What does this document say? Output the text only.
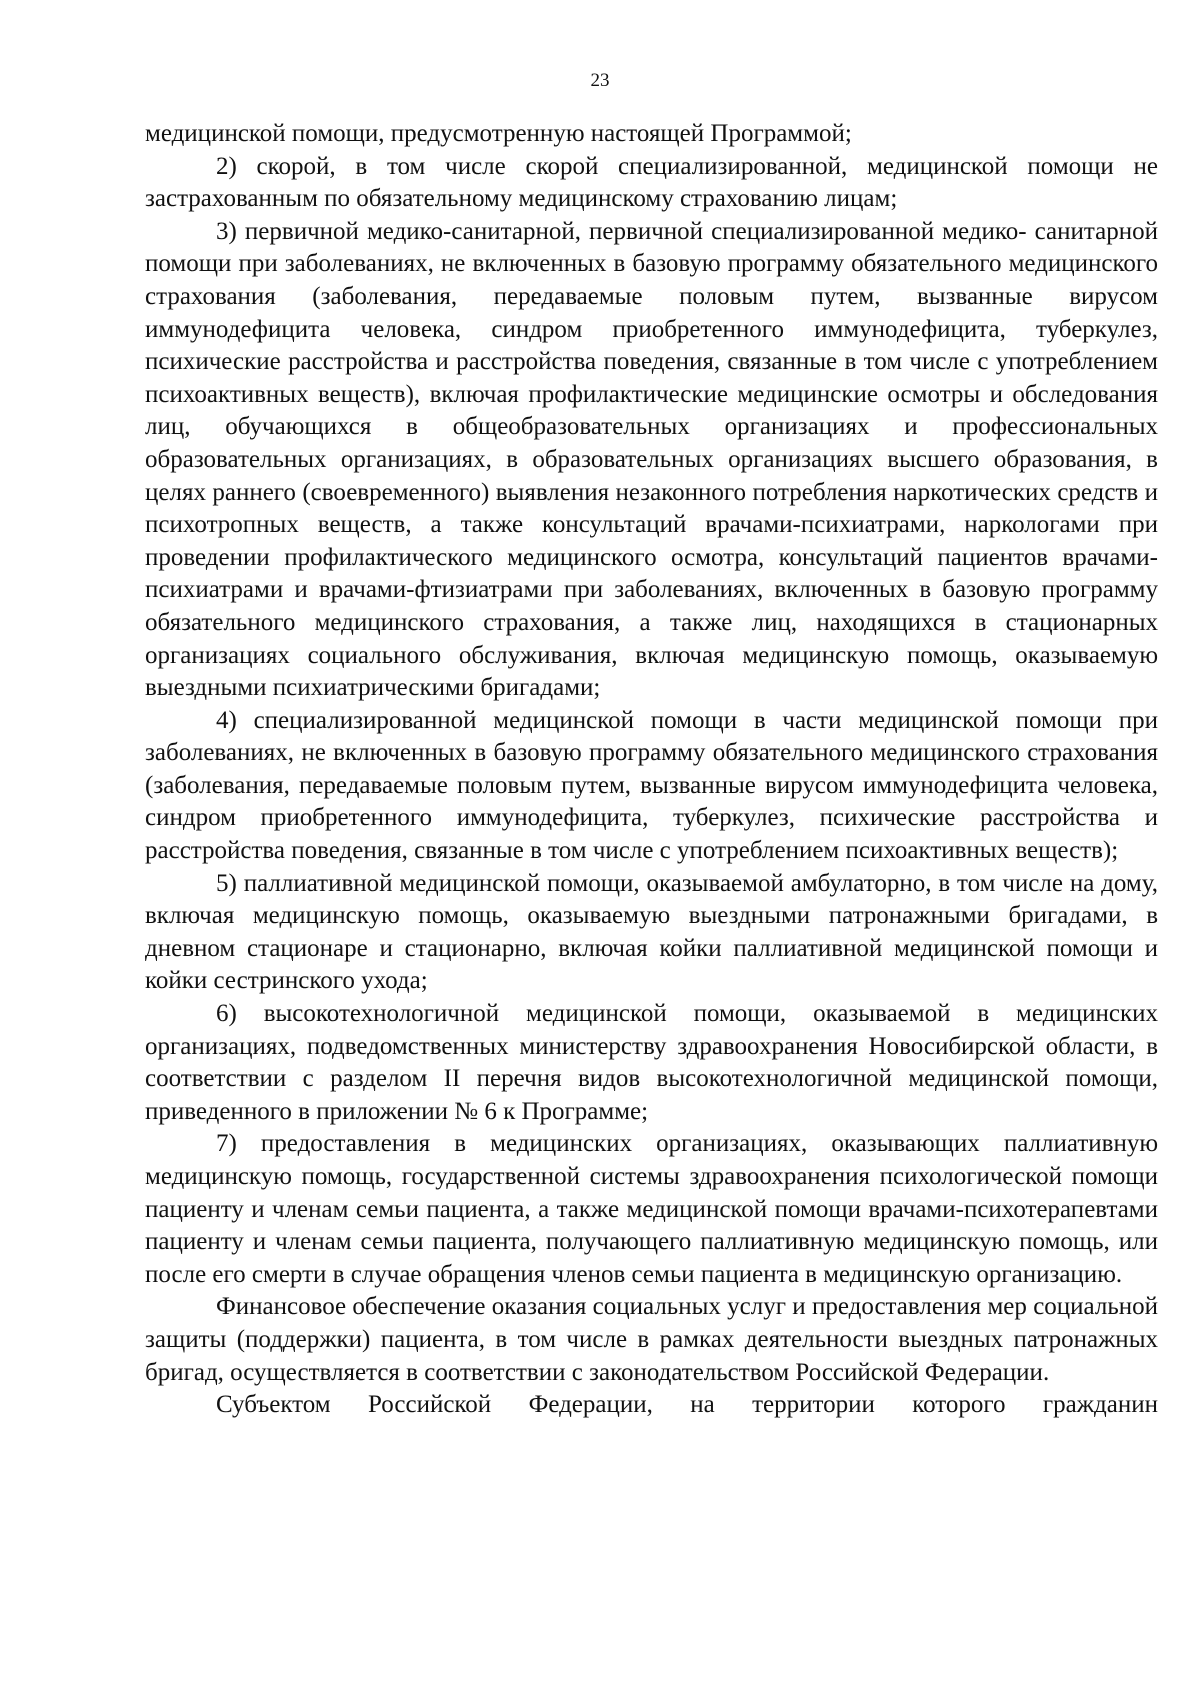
23

медицинской помощи, предусмотренную настоящей Программой;

2) скорой, в том числе скорой специализированной, медицинской помощи не застрахованным по обязательному медицинскому страхованию лицам;

3) первичной медико-санитарной, первичной специализированной медико- санитарной помощи при заболеваниях, не включенных в базовую программу обязательного медицинского страхования (заболевания, передаваемые половым путем, вызванные вирусом иммунодефицита человека, синдром приобретенного иммунодефицита, туберкулез, психические расстройства и расстройства поведения, связанные в том числе с употреблением психоактивных веществ), включая профилактические медицинские осмотры и обследования лиц, обучающихся в общеобразовательных организациях и профессиональных образовательных организациях, в образовательных организациях высшего образования, в целях раннего (своевременного) выявления незаконного потребления наркотических средств и психотропных веществ, а также консультаций врачами-психиатрами, наркологами при проведении профилактического медицинского осмотра, консультаций пациентов врачами- психиатрами и врачами-фтизиатрами при заболеваниях, включенных в базовую программу обязательного медицинского страхования, а также лиц, находящихся в стационарных организациях социального обслуживания, включая медицинскую помощь, оказываемую выездными психиатрическими бригадами;

4) специализированной медицинской помощи в части медицинской помощи при заболеваниях, не включенных в базовую программу обязательного медицинского страхования (заболевания, передаваемые половым путем, вызванные вирусом иммунодефицита человека, синдром приобретенного иммунодефицита, туберкулез, психические расстройства и расстройства поведения, связанные в том числе с употреблением психоактивных веществ);

5) паллиативной медицинской помощи, оказываемой амбулаторно, в том числе на дому, включая медицинскую помощь, оказываемую выездными патронажными бригадами, в дневном стационаре и стационарно, включая койки паллиативной медицинской помощи и койки сестринского ухода;

6) высокотехнологичной медицинской помощи, оказываемой в медицинских организациях, подведомственных министерству здравоохранения Новосибирской области, в соответствии с разделом II перечня видов высокотехнологичной медицинской помощи, приведенного в приложении № 6 к Программе;

7) предоставления в медицинских организациях, оказывающих паллиативную медицинскую помощь, государственной системы здравоохранения психологической помощи пациенту и членам семьи пациента, а также медицинской помощи врачами-психотерапевтами пациенту и членам семьи пациента, получающего паллиативную медицинскую помощь, или после его смерти в случае обращения членов семьи пациента в медицинскую организацию.

Финансовое обеспечение оказания социальных услуг и предоставления мер социальной защиты (поддержки) пациента, в том числе в рамках деятельности выездных патронажных бригад, осуществляется в соответствии с законодательством Российской Федерации.

Субъектом Российской Федерации, на территории которого гражданин
